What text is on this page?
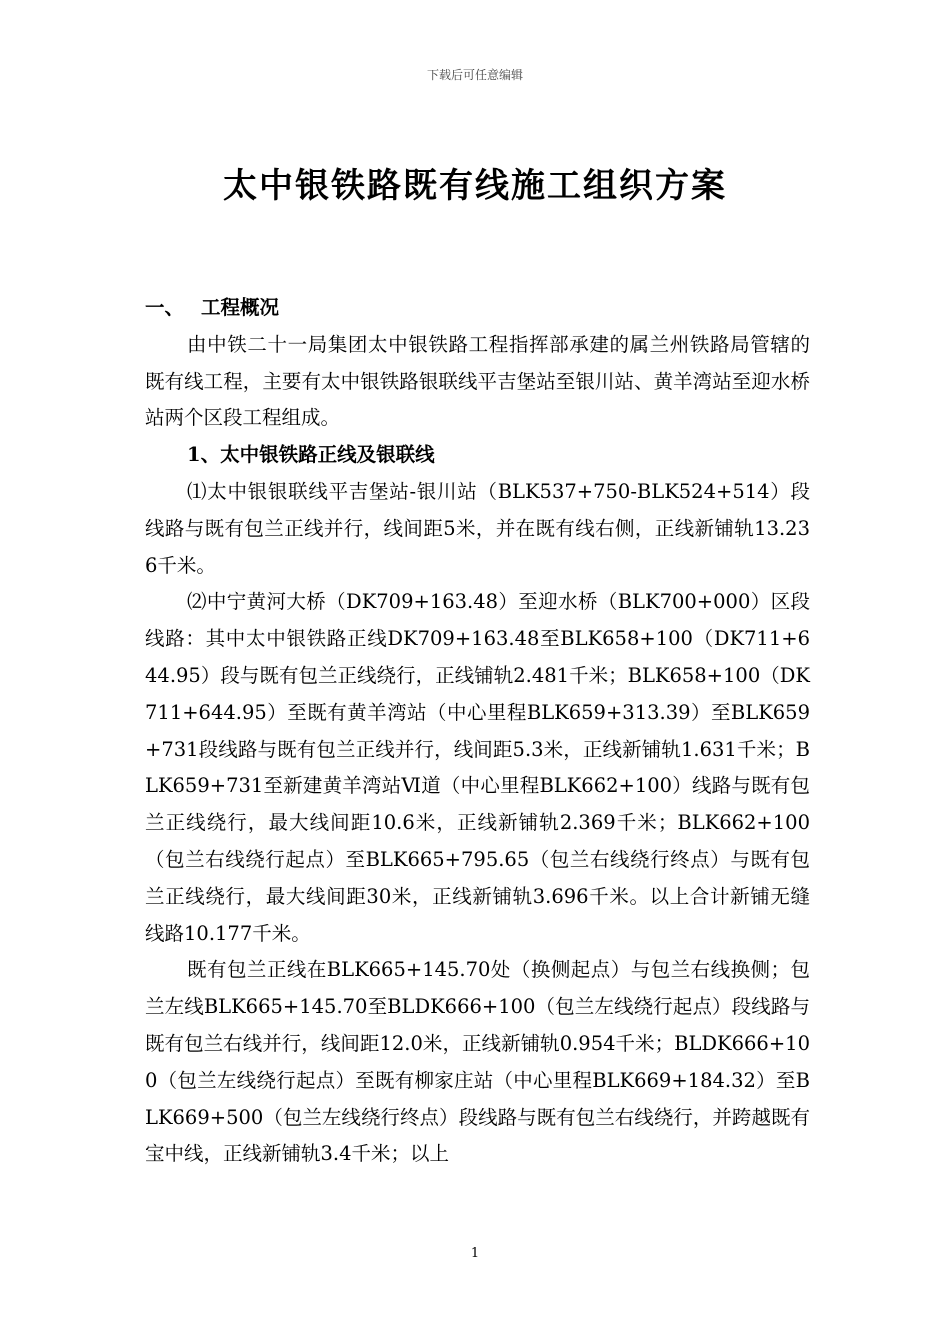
下载后可任意编辑
太中银铁路既有线施工组织方案
一、 工程概况

由中铁二十一局集团太中银铁路工程指挥部承建的属兰州铁路局管辖的既有线工程，主要有太中银铁路银联线平吉堡站至银川站、黄羊湾站至迎水桥站两个区段工程组成。

1、太中银铁路正线及银联线

⑴太中银银联线平吉堡站-银川站（BLK537+750-BLK524+514）段线路与既有包兰正线并行，线间距5米，并在既有线右侧，正线新铺轨13.236千米。

⑵中宁黄河大桥（DK709+163.48）至迎水桥（BLK700+000）区段线路：其中太中银铁路正线DK709+163.48至BLK658+100（DK711+644.95）段与既有包兰正线绕行，正线铺轨2.481千米；BLK658+100（DK711+644.95）至既有黄羊湾站（中心里程BLK659+313.39）至BLK659+731段线路与既有包兰正线并行，线间距5.3米，正线新铺轨1.631千米；BLK659+731至新建黄羊湾站Ⅵ道（中心里程BLK662+100）线路与既有包兰正线绕行，最大线间距10.6米，正线新铺轨2.369千米；BLK662+100（包兰右线绕行起点）至BLK665+795.65（包兰右线绕行终点）与既有包兰正线绕行，最大线间距30米，正线新铺轨3.696千米。以上合计新铺无缝线路10.177千米。

既有包兰正线在BLK665+145.70处（换侧起点）与包兰右线换侧；包兰左线BLK665+145.70至BLDK666+100（包兰左线绕行起点）段线路与既有包兰右线并行，线间距12.0米，正线新铺轨0.954千米；BLDK666+100（包兰左线绕行起点）至既有柳家庄站（中心里程BLK669+184.32）至BLK669+500（包兰左线绕行终点）段线路与既有包兰右线绕行，并跨越既有宝中线，正线新铺轨3.4千米；以上

1
